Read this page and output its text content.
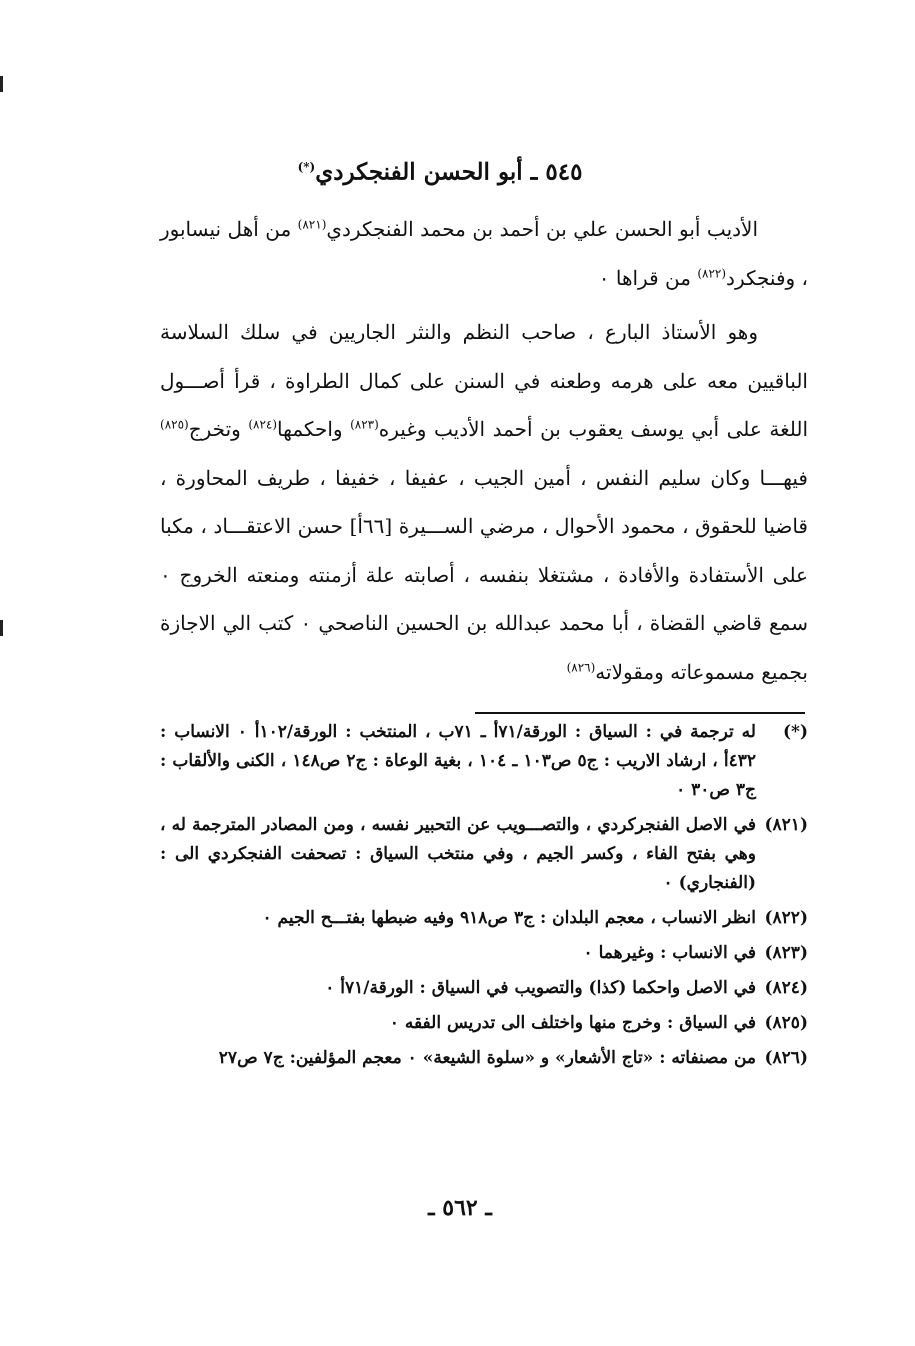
٥٤٥ ـ أبو الحسن الفنجكردي(*)

الأديب أبو الحسن علي بن أحمد بن محمد الفنجكردي$^{(٨٢١)}$ من أهل نيسابور ، وفنجكرد$^{(٨٢٢)}$ من قراها ٠

وهو الأستاذ البارع ، صاحب النظم والنثر الجاريين في سلك السلاسة الباقيين معه على هرمه وطعنه في السنن على كمال الطراوة ، قرأ أصـــول اللغة على أبي يوسف يعقوب بن أحمد الأديب وغيره$^{(٨٢٣)}$ واحكمها$^{(٨٢٤)}$ وتخرج$^{(٨٢٥)}$ فيهـــا وكان سليم النفس ، أمين الجيب ، عفيفا ، خفيفا ، طريف المحاورة ، قاضيا للحقوق ، محمود الأحوال ، مرضي الســـيرة [٦٦أ] حسن الاعتقـــاد ، مكبا على الأستفادة والأفادة ، مشتغلا بنفسه ، أصابته علة أزمنته ومنعته الخروج ٠ سمع قاضي القضاة ، أبا محمد عبدالله بن الحسين الناصحي ٠ كتب الي الاجازة بجميع مسموعاته ومقولاته$^{(٨٢٦)}$

(*)
له ترجمة في : السياق : الورقة/٧١أ ـ ٧١ب ، المنتخب : الورقة/١٠٢أ ٠ الانساب : ٤٣٢أ ، ارشاد الاريب : ج٥ ص١٠٣ ـ ١٠٤ ، بغية الوعاة : ج٢ ص١٤٨ ، الكنى والألقاب : ج٣ ص٣٠ ٠
(٨٢١)
في الاصل الفنجركردي ، والتصـــويب عن التحبير نفسه ، ومن المصادر المترجمة له ، وهي بفتح الفاء ، وكسر الجيم ، وفي منتخب السياق : تصحفت الفنجكردي الى : (الفنجاري) ٠
(٨٢٢)
انظر الانساب ، معجم البلدان : ج٣ ص٩١٨ وفيه ضبطها بفتـــح الجيم ٠
(٨٢٣)
في الانساب : وغيرهما ٠
(٨٢٤)
في الاصل واحكما (كذا) والتصويب في السياق : الورقة/٧١أ ٠
(٨٢٥)
في السياق : وخرج منها واختلف الى تدريس الفقه ٠
(٨٢٦)
من مصنفاته : «تاج الأشعار» و «سلوة الشيعة» ٠ معجم المؤلفين: ج٧ ص٢٧
ـ ٥٦٢ ـ
